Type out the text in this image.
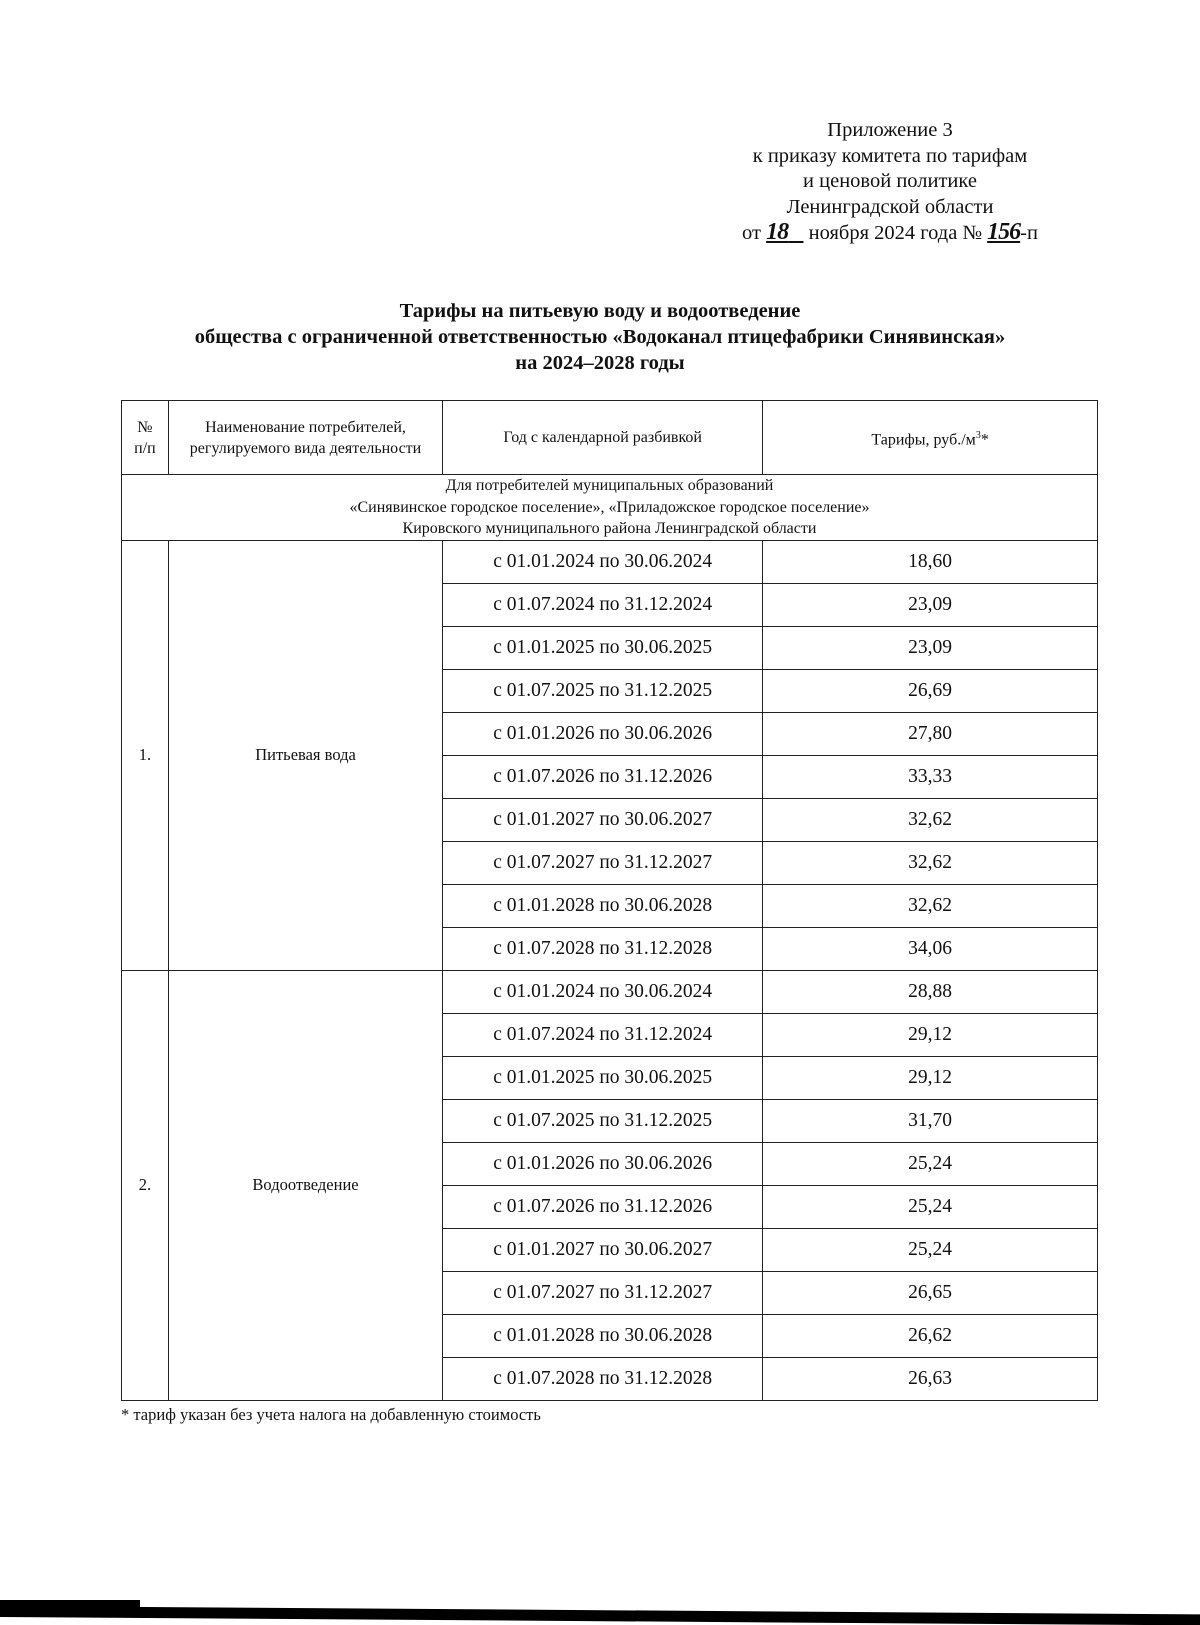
Приложение 3
к приказу комитета по тарифам
и ценовой политике
Ленинградской области
от 18 ноября 2024 года № 156-п
Тарифы на питьевую воду и водоотведение
общества с ограниченной ответственностью «Водоканал птицефабрики Синявинская»
на 2024–2028 годы
№
п/п	Наименование потребителей, регулируемого вида деятельности	Год с календарной разбивкой	Тарифы, $руб./м^3*$

Для потребителей муниципальных образований
«Синявинское городское поселение», «Приладожское городское поселение»
Кировского муниципального района Ленинградской области			

1.	Питьевая вода	с 01.01.2024 по 30.06.2024	18,60
		с 01.07.2024 по 31.12.2024	23,09
		с 01.01.2025 по 30.06.2025	23,09
		с 01.07.2025 по 31.12.2025	26,69
		с 01.01.2026 по 30.06.2026	27,80
		с 01.07.2026 по 31.12.2026	33,33
		с 01.01.2027 по 30.06.2027	32,62
		с 01.07.2027 по 31.12.2027	32,62
		с 01.01.2028 по 30.06.2028	32,62
		с 01.07.2028 по 31.12.2028	34,06
2.	Водоотведение	с 01.01.2024 по 30.06.2024	28,88
		с 01.07.2024 по 31.12.2024	29,12
		с 01.01.2025 по 30.06.2025	29,12
		с 01.07.2025 по 31.12.2025	31,70
		с 01.01.2026 по 30.06.2026	25,24
		с 01.07.2026 по 31.12.2026	25,24
		с 01.01.2027 по 30.06.2027	25,24
		с 01.07.2027 по 31.12.2027	26,65
		с 01.01.2028 по 30.06.2028	26,62
		с 01.07.2028 по 31.12.2028	26,63
* тариф указан без учета налога на добавленную стоимость
